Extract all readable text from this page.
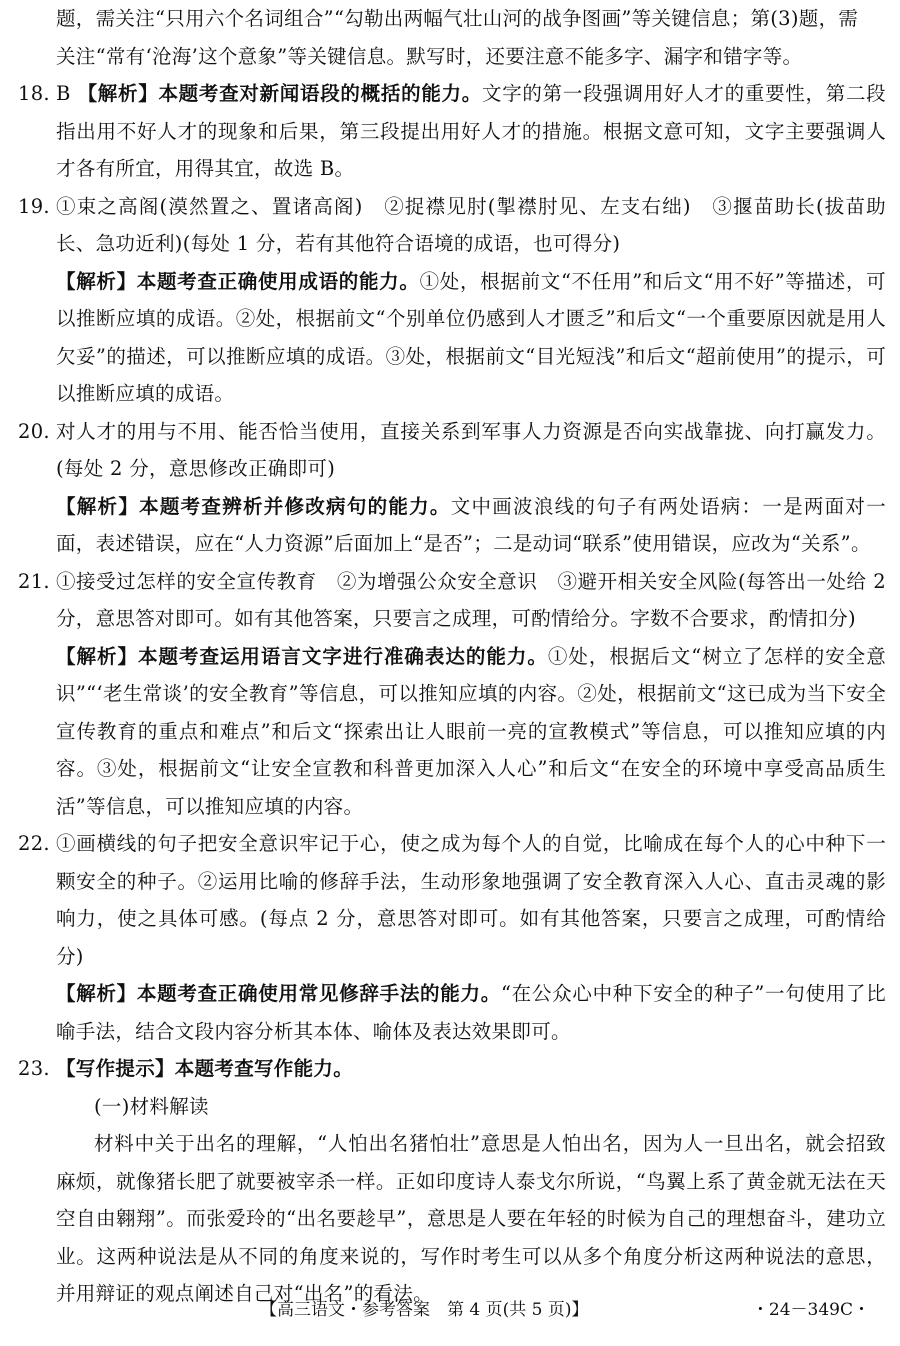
题，需关注“只用六个名词组合”“勾勒出两幅气壮山河的战争图画”等关键信息；第(3)题，需

关注“常有‘沧海’这个意象”等关键信息。默写时，还要注意不能多字、漏字和错字等。

18. B 【解析】本题考查对新闻语段的概括的能力。文字的第一段强调用好人才的重要性，第二段指出用不好人才的现象和后果，第三段提出用好人才的措施。根据文意可知，文字主要强调人才各有所宜，用得其宜，故选 B。
19. ①束之高阁(漠然置之、置诸高阁)　②捉襟见肘(掣襟肘见、左支右绌)　③揠苗助长(拔苗助长、急功近利)(每处 1 分，若有其他符合语境的成语，也可得分)
【解析】本题考查正确使用成语的能力。①处，根据前文“不任用”和后文“用不好”等描述，可以推断应填的成语。②处，根据前文“个别单位仍感到人才匮乏”和后文“一个重要原因就是用人欠妥”的描述，可以推断应填的成语。③处，根据前文“目光短浅”和后文“超前使用”的提示，可以推断应填的成语。
20. 对人才的用与不用、能否恰当使用，直接关系到军事人力资源是否向实战靠拢、向打赢发力。(每处 2 分，意思修改正确即可)
【解析】本题考查辨析并修改病句的能力。文中画波浪线的句子有两处语病：一是两面对一面，表述错误，应在“人力资源”后面加上“是否”；二是动词“联系”使用错误，应改为“关系”。
21. ①接受过怎样的安全宣传教育　②为增强公众安全意识　③避开相关安全风险(每答出一处给 2 分，意思答对即可。如有其他答案，只要言之成理，可酌情给分。字数不合要求，酌情扣分)
【解析】本题考查运用语言文字进行准确表达的能力。①处，根据后文“树立了怎样的安全意识”“‘老生常谈’的安全教育”等信息，可以推知应填的内容。②处，根据前文“这已成为当下安全宣传教育的重点和难点”和后文“探索出让人眼前一亮的宣教模式”等信息，可以推知应填的内容。③处，根据前文“让安全宣教和科普更加深入人心”和后文“在安全的环境中享受高品质生活”等信息，可以推知应填的内容。
22. ①画横线的句子把安全意识牢记于心，使之成为每个人的自觉，比喻成在每个人的心中种下一颗安全的种子。②运用比喻的修辞手法，生动形象地强调了安全教育深入人心、直击灵魂的影响力，使之具体可感。(每点 2 分，意思答对即可。如有其他答案，只要言之成理，可酌情给分)
【解析】本题考查正确使用常见修辞手法的能力。“在公众心中种下安全的种子”一句使用了比喻手法，结合文段内容分析其本体、喻体及表达效果即可。
23. 【写作提示】本题考查写作能力。
(一)材料解读

材料中关于出名的理解，“人怕出名猪怕壮”意思是人怕出名，因为人一旦出名，就会招致麻烦，就像猪长肥了就要被宰杀一样。正如印度诗人泰戈尔所说，“鸟翼上系了黄金就无法在天空自由翱翔”。而张爱玲的“出名要趁早”，意思是人要在年轻的时候为自己的理想奋斗，建功立业。这两种说法是从不同的角度来说的，写作时考生可以从多个角度分析这两种说法的意思，并用辩证的观点阐述自己对“出名”的看法。

【高三语文・参考答案　第 4 页(共 5 页)】	・24－349C・
